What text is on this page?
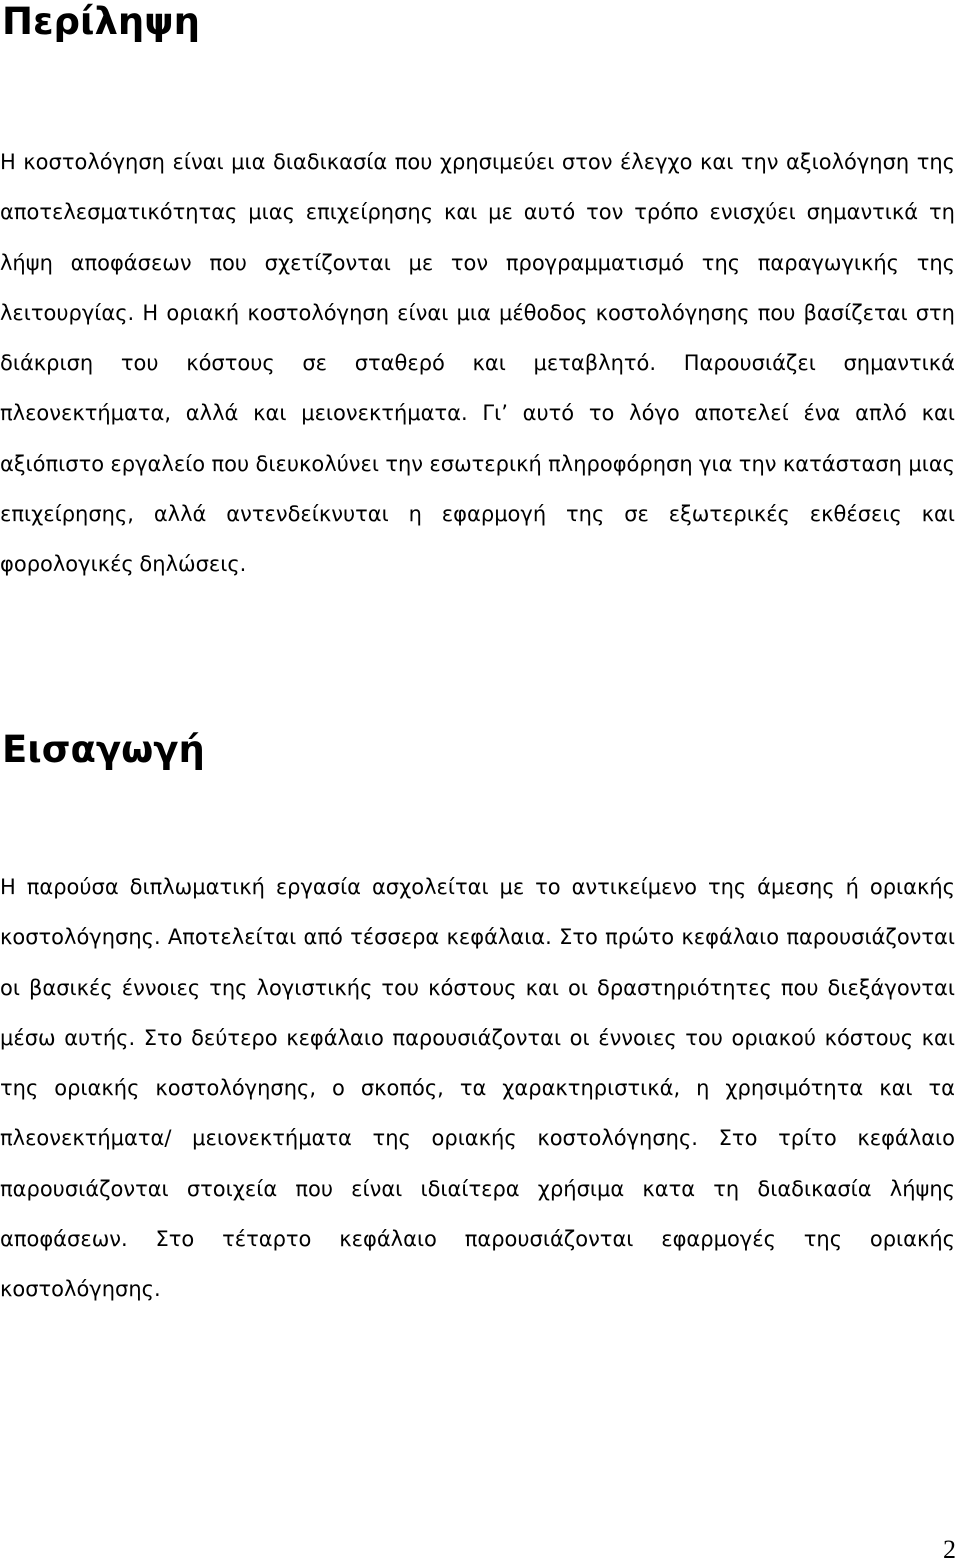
Περίληψη

Η κοστολόγηση είναι μια διαδικασία που χρησιμεύει στον έλεγχο και την αξιολόγηση της αποτελεσματικότητας μιας επιχείρησης και με αυτό τον τρόπο ενισχύει σημαντικά τη λήψη αποφάσεων που σχετίζονται με τον προγραμματισμό της παραγωγικής της λειτουργίας. Η οριακή κοστολόγηση είναι μια μέθοδος κοστολόγησης που βασίζεται στη διάκριση του κόστους σε σταθερό και μεταβλητό. Παρουσιάζει σημαντικά πλεονεκτήματα, αλλά και μειονεκτήματα. Γι’ αυτό το λόγο αποτελεί ένα απλό και αξιόπιστο εργαλείο που διευκολύνει την εσωτερική πληροφόρηση για την κατάσταση μιας επιχείρησης, αλλά αντενδείκνυται η εφαρμογή της σε εξωτερικές εκθέσεις και φορολογικές δηλώσεις.

Εισαγωγή

Η παρούσα διπλωματική εργασία ασχολείται με το αντικείμενο της άμεσης ή οριακής κοστολόγησης. Αποτελείται από τέσσερα κεφάλαια. Στο πρώτο κεφάλαιο παρουσιάζονται οι βασικές έννοιες της λογιστικής του κόστους και οι δραστηριότητες που διεξάγονται μέσω αυτής. Στο δεύτερο κεφάλαιο παρουσιάζονται οι έννοιες του οριακού κόστους και της οριακής κοστολόγησης, ο σκοπός, τα χαρακτηριστικά, η χρησιμότητα και τα πλεονεκτήματα/ μειονεκτήματα της οριακής κοστολόγησης. Στο τρίτο κεφάλαιο παρουσιάζονται στοιχεία που είναι ιδιαίτερα χρήσιμα κατα τη διαδικασία λήψης αποφάσεων. Στο τέταρτο κεφάλαιο παρουσιάζονται εφαρμογές της οριακής κοστολόγησης.

2
